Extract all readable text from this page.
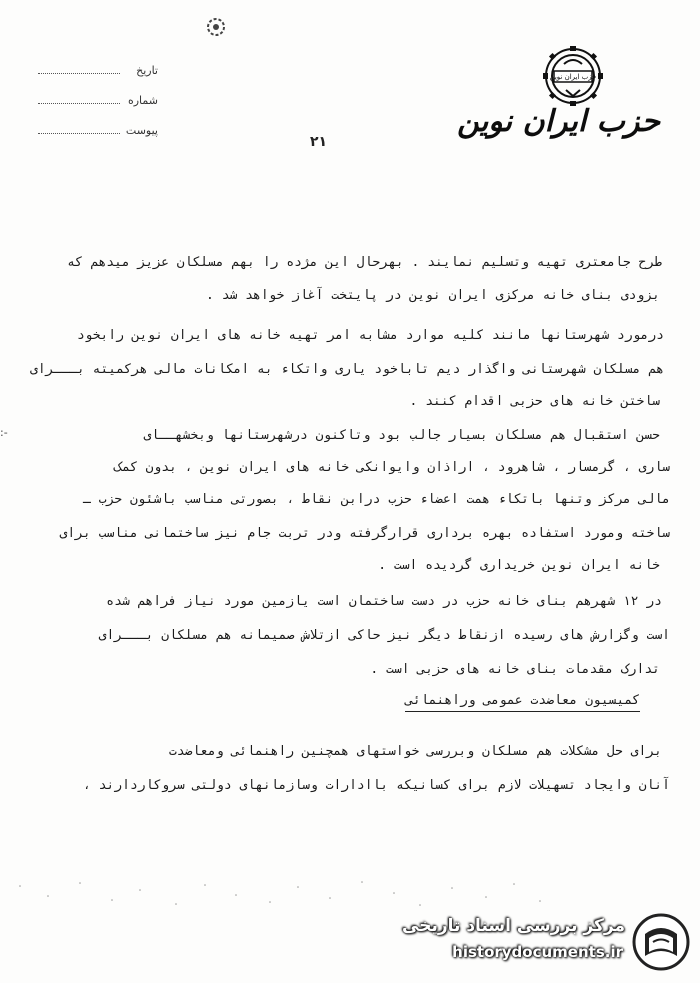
حزب ایران نوین
حزب ایران نوین
تاریخ
شماره
پیوست
۲۱
طرح جامعتری تهیه وتسلیم نمایند . بهرحال این مژده را بهم مسلکان عزیز میدهم که
بزودی بنای خانه مرکزی ایران نوین در پایتخت آغاز خواهد شد .
درمورد شهرستانها مانند کلیه موارد مشابه امر تهیه خانه های ایران نوین رابخود
هم مسلکان شهرستانی واگذار دیم تاباخود یاری واتکاء به امکانات مالی هرکمیته بـــرای
ساختن خانه های حزبی اقدام کنند .
حسن استقبال هم مسلکان بسیار جالب بود وتاکنون درشهرستانها وبخشهــای
ساری ، گرمسار ، شاهرود ، اراذان وایوانکی خانه های ایران نوین ، بدون کمک
مالی مرکز وتنها باتکاء همت اعضاء حزب درابن نقاط ، بصورتی مناسب باشئون حزب ـ
ساخته ومورد استفاده بهره برداری قرارگرفته ودر تربت جام نیز ساختمانی مناسب برای
خانه ایران نوین خریداری گردیده است .
در ۱۲ شهرهم بنای خانه حزب در دست ساختمان است یازمین مورد نیاز فراهم شده
است وگزارش های رسیده ازنقاط دیگر نیز حاکی ازتلاش صمیمانه هم مسلکان بـــرای
تدارک مقدمات بنای خانه های حزبی است .
کمیسیون معاضدت عمومی وراهنمائی
برای حل مشکلات هم مسلکان وبررسی خواستهای همچنین راهنمائی ومعاضدت
آنان وایجاد تسهیلات لازم برای کسانیکه باادارات وسازمانهای دولتی سروکاردارند ،
:-
مرکز بررسی اسناد تاریخی
historydocuments.ir
